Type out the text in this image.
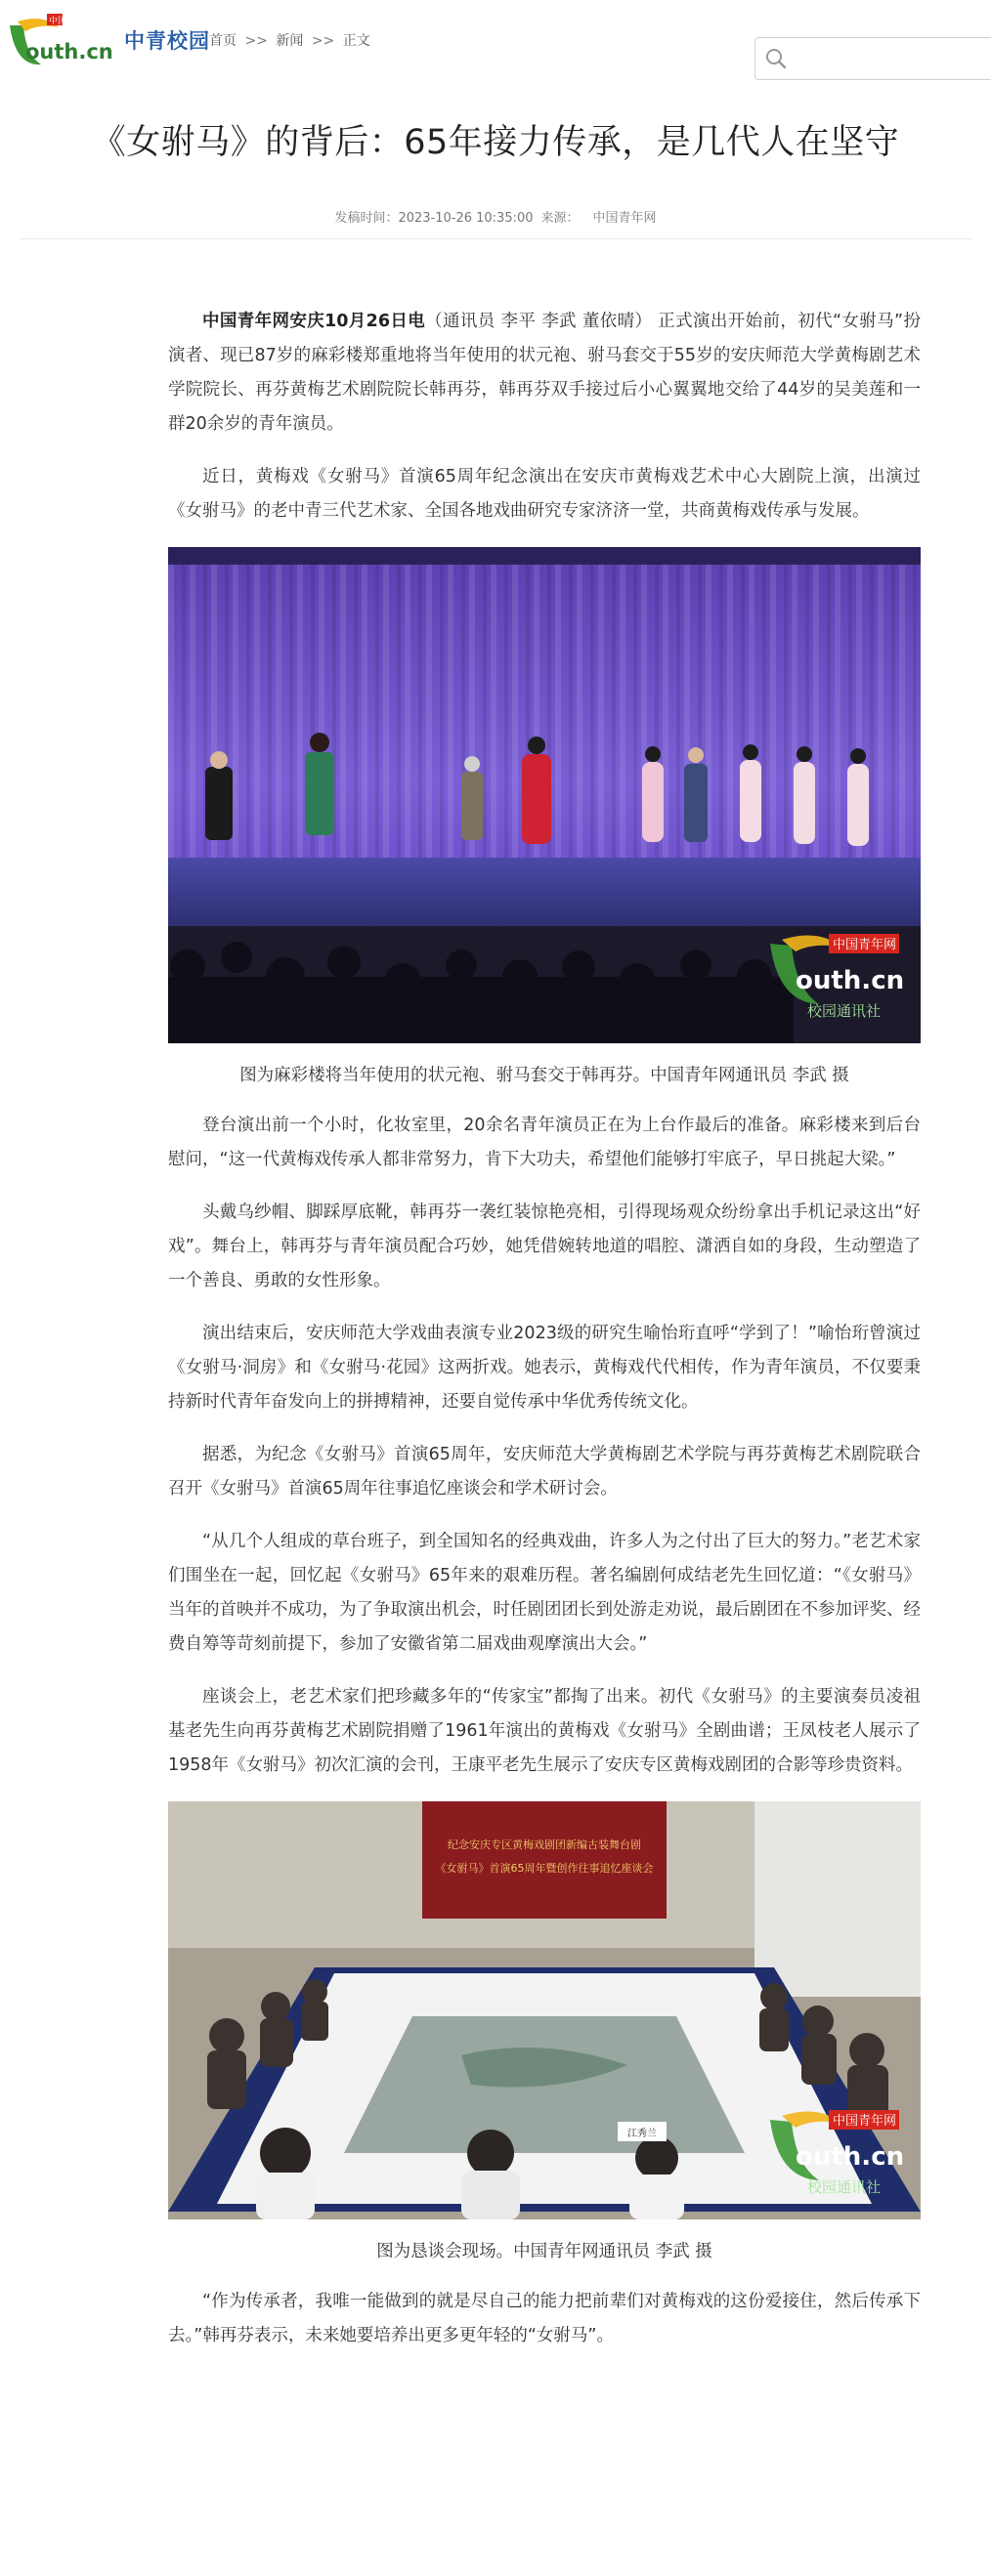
中国青年网
outh.cn 中青校园 首页 >> 新闻 >> 正文
《女驸马》的背后：65年接力传承，是几代人在坚守
发稿时间：2023-10-26 10:35:00 来源： 中国青年网

中国青年网安庆10月26日电（通讯员 李平 李武 董依晴） 正式演出开始前，初代“女驸马”扮演者、现已87岁的麻彩楼郑重地将当年使用的状元袍、驸马套交于55岁的安庆师范大学黄梅剧艺术学院院长、再芬黄梅艺术剧院院长韩再芬，韩再芬双手接过后小心翼翼地交给了44岁的吴美莲和一群20余岁的青年演员。

近日，黄梅戏《女驸马》首演65周年纪念演出在安庆市黄梅戏艺术中心大剧院上演，出演过《女驸马》的老中青三代艺术家、全国各地戏曲研究专家济济一堂，共商黄梅戏传承与发展。

中国青年网
outh.cn
校园通讯社
图为麻彩楼将当年使用的状元袍、驸马套交于韩再芬。中国青年网通讯员 李武 摄

登台演出前一个小时，化妆室里，20余名青年演员正在为上台作最后的准备。麻彩楼来到后台慰问，“这一代黄梅戏传承人都非常努力，肯下大功夫，希望他们能够打牢底子，早日挑起大梁。”

头戴乌纱帽、脚踩厚底靴，韩再芬一袭红装惊艳亮相，引得现场观众纷纷拿出手机记录这出“好戏”。舞台上，韩再芬与青年演员配合巧妙，她凭借婉转地道的唱腔、潇洒自如的身段，生动塑造了一个善良、勇敢的女性形象。

演出结束后，安庆师范大学戏曲表演专业2023级的研究生喻怡珩直呼“学到了！”喻怡珩曾演过《女驸马·洞房》和《女驸马·花园》这两折戏。她表示，黄梅戏代代相传，作为青年演员，不仅要秉持新时代青年奋发向上的拼搏精神，还要自觉传承中华优秀传统文化。

据悉，为纪念《女驸马》首演65周年，安庆师范大学黄梅剧艺术学院与再芬黄梅艺术剧院联合召开《女驸马》首演65周年往事追忆座谈会和学术研讨会。

“从几个人组成的草台班子，到全国知名的经典戏曲，许多人为之付出了巨大的努力。”老艺术家们围坐在一起，回忆起《女驸马》65年来的艰难历程。著名编剧何成结老先生回忆道：“《女驸马》当年的首映并不成功，为了争取演出机会，时任剧团团长到处游走劝说，最后剧团在不参加评奖、经费自筹等苛刻前提下，参加了安徽省第二届戏曲观摩演出大会。”

座谈会上，老艺术家们把珍藏多年的“传家宝”都掏了出来。初代《女驸马》的主要演奏员凌祖基老先生向再芬黄梅艺术剧院捐赠了1961年演出的黄梅戏《女驸马》全剧曲谱；王凤枝老人展示了1958年《女驸马》初次汇演的会刊，王康平老先生展示了安庆专区黄梅戏剧团的合影等珍贵资料。

纪念安庆专区黄梅戏剧团新编古装舞台剧
《女驸马》首演65周年暨创作往事追忆座谈会
江秀兰
中国青年网
outh.cn
校园通讯社
图为恳谈会现场。中国青年网通讯员 李武 摄

“作为传承者，我唯一能做到的就是尽自己的能力把前辈们对黄梅戏的这份爱接住，然后传承下去。”韩再芬表示，未来她要培养出更多更年轻的“女驸马”。
